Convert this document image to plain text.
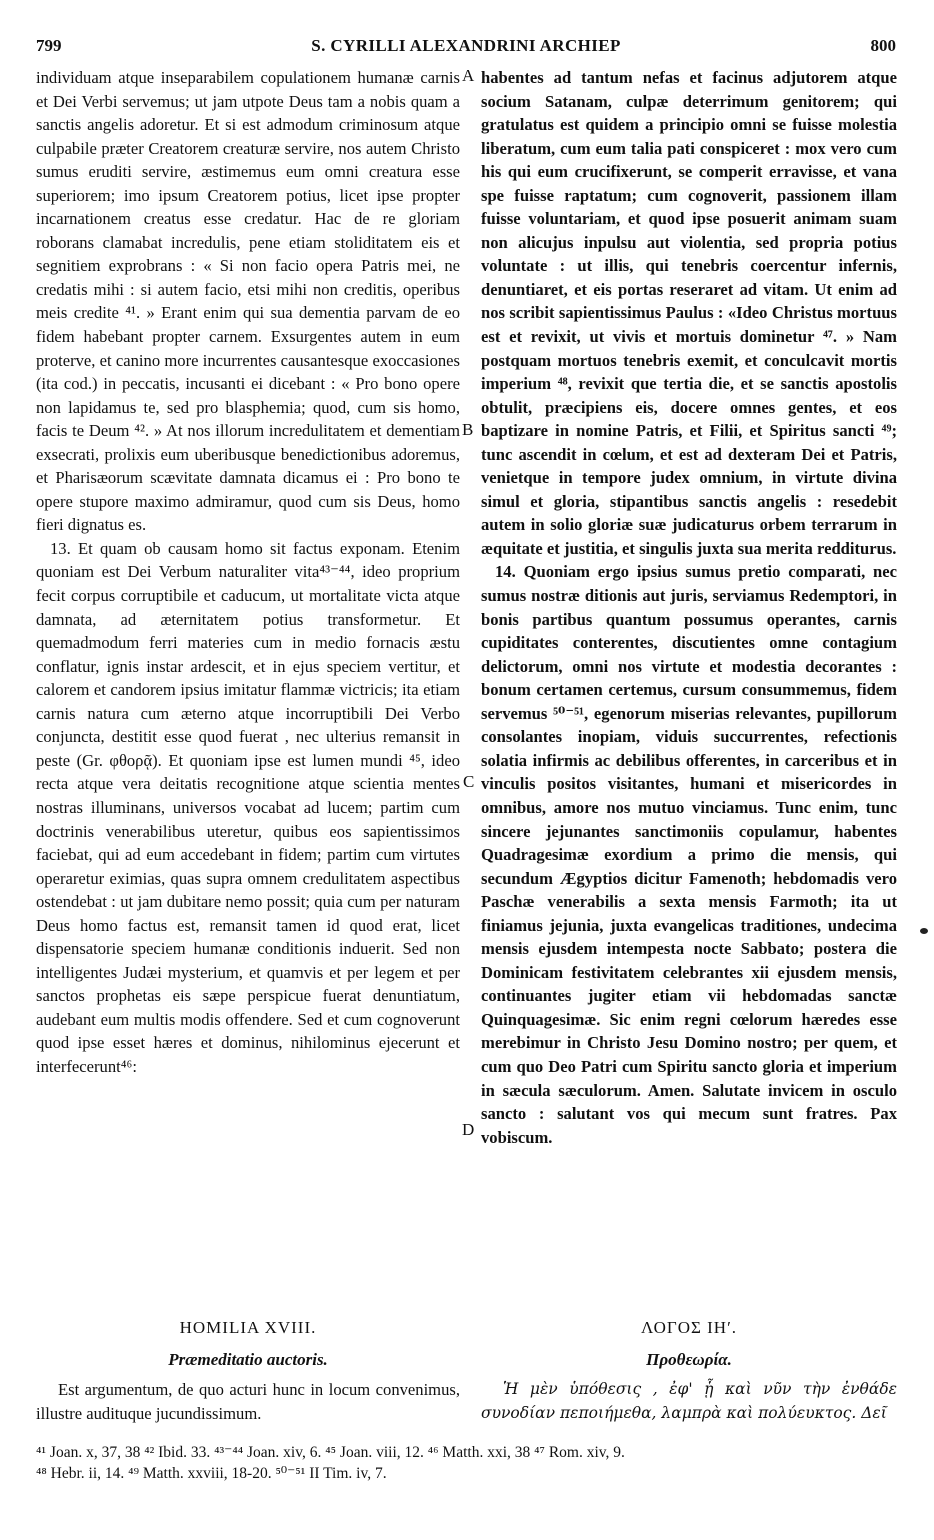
799	S. CYRILLI ALEXANDRINI ARCHIEP	800

individuam atque inseparabilem copulationem humanæ carnis et Dei Verbi servemus; ut jam utpote Deus tam a nobis quam a sanctis angelis adoretur. Et si est admodum criminosum atque culpabile præter Creatorem creaturæ servire, nos autem Christo sumus eruditi servire, æstimemus eum omni creatura esse superiorem; imo ipsum Creatorem potius, licet ipse propter incarnationem creatus esse credatur. Hac de re gloriam roborans clamabat incredulis, pene etiam stoliditatem eis et segnitiem exprobrans : « Si non facio opera Patris mei, ne credatis mihi : si autem facio, etsi mihi non creditis, operibus meis credite ⁴¹. » Erant enim qui sua dementia parvam de eo fidem habebant propter carnem. Exsurgentes autem in eum proterve, et canino more incurrentes causantesque exoccasiones (ita cod.) in peccatis, incusanti ei dicebant : « Pro bono opere non lapidamus te, sed pro blasphemia; quod, cum sis homo, facis te Deum ⁴². » At nos illorum incredulitatem et dementiam exsecrati, prolixis eum uberibusque benedictionibus adoremus, et Pharisæorum scævitate damnata dicamus ei : Pro bono te opere stupore maximo admiramur, quod cum sis Deus, homo fieri dignatus es.

13. Et quam ob causam homo sit factus exponam. Etenim quoniam est Dei Verbum naturaliter vita⁴³⁻⁴⁴, ideo proprium fecit corpus corruptibile et caducum, ut mortalitate victa atque damnata, ad æternitatem potius transformetur. Et quemadmodum ferri materies cum in medio fornacis æstu conflatur, ignis instar ardescit, et in ejus speciem vertitur, et calorem et candorem ipsius imitatur flammæ victricis; ita etiam carnis natura cum æterno atque incorruptibili Dei Verbo conjuncta, destitit esse quod fuerat , nec ulterius remansit in peste (Gr. φθορᾷ). Et quoniam ipse est lumen mundi ⁴⁵, ideo recta atque vera deitatis recognitione atque scientia mentes nostras illuminans, universos vocabat ad lucem; partim cum doctrinis venerabilibus uteretur, quibus eos sapientissimos faciebat, qui ad eum accedebant in fidem; partim cum virtutes operaretur eximias, quas supra omnem credulitatem aspectibus ostendebat : ut jam dubitare nemo possit; quia cum per naturam Deus homo factus est, remansit tamen id quod erat, licet dispensatorie speciem humanæ conditionis induerit. Sed non intelligentes Judæi mysterium, et quamvis et per legem et per sanctos prophetas eis sæpe perspicue fuerat denuntiatum, audebant eum multis modis offendere. Sed et cum cognoverunt quod ipse esset hæres et dominus, nihilominus ejecerunt et interfecerunt⁴⁶:

A
B
C
D

habentes ad tantum nefas et facinus adjutorem atque socium Satanam, culpæ deterrimum genitorem; qui gratulatus est quidem a principio omni se fuisse molestia liberatum, cum eum talia pati conspiceret : mox vero cum his qui eum crucifixerunt, se comperit erravisse, et vana spe fuisse raptatum; cum cognoverit, passionem illam fuisse voluntariam, et quod ipse posuerit animam suam non alicujus inpulsu aut violentia, sed propria potius voluntate : ut illis, qui tenebris coercentur infernis, denuntiaret, et eis portas reseraret ad vitam. Ut enim ad nos scribit sapientissimus Paulus : «Ideo Christus mortuus est et revixit, ut vivis et mortuis dominetur ⁴⁷. » Nam postquam mortuos tenebris exemit, et conculcavit mortis imperium ⁴⁸, revixit que tertia die, et se sanctis apostolis obtulit, præcipiens eis, docere omnes gentes, et eos baptizare in nomine Patris, et Filii, et Spiritus sancti ⁴⁹; tunc ascendit in cœlum, et est ad dexteram Dei et Patris, venietque in tempore judex omnium, in virtute divina simul et gloria, stipantibus sanctis angelis : resedebit autem in solio gloriæ suæ judicaturus orbem terrarum in æquitate et justitia, et singulis juxta sua merita redditurus.

14. Quoniam ergo ipsius sumus pretio comparati, nec sumus nostræ ditionis aut juris, serviamus Redemptori, in bonis partibus quantum possumus operantes, carnis cupiditates conterentes, discutientes omne contagium delictorum, omni nos virtute et modestia decorantes : bonum certamen certemus, cursum consummemus, fidem servemus ⁵⁰⁻⁵¹, egenorum miserias relevantes, pupillorum consolantes inopiam, viduis succurrentes, refectionis solatia infirmis ac debilibus offerentes, in carceribus et in vinculis positos visitantes, humani et misericordes in omnibus, amore nos mutuo vinciamus. Tunc enim, tunc sincere jejunantes sanctimoniis copulamur, habentes Quadragesimæ exordium a primo die mensis, qui secundum Ægyptios dicitur Famenoth; hebdomadis vero Paschæ venerabilis a sexta mensis Farmoth; ita ut finiamus jejunia, juxta evangelicas traditiones, undecima mensis ejusdem intempesta nocte Sabbato; postera die Dominicam festivitatem celebrantes xii ejusdem mensis, continuantes jugiter etiam vii hebdomadas sanctæ Quinquagesimæ. Sic enim regni cœlorum hæredes esse merebimur in Christo Jesu Domino nostro; per quem, et cum quo Deo Patri cum Spiritu sancto gloria et imperium in sæcula sæculorum. Amen. Salutate invicem in osculo sancto : salutant vos qui mecum sunt fratres. Pax vobiscum.

HOMILIA XVIII.
Præmeditatio auctoris.

Est argumentum, de quo acturi hunc in locum convenimus, illustre audituque jucundissimum.

ΛΟΓΟΣ ΙΗʹ.
Προθεωρία.

Ἡ μὲν ὑπόθεσις , ἐφ' ᾗ καὶ νῦν τὴν ἐνθάδε συνοδίαν πεποιήμεθα, λαμπρὰ καὶ πολύευκτος. Δεῖ

⁴¹ Joan. x, 37, 38 ⁴² Ibid. 33. ⁴³⁻⁴⁴ Joan. xiv, 6. ⁴⁵ Joan. viii, 12. ⁴⁶ Matth. xxi, 38 ⁴⁷ Rom. xiv, 9.
⁴⁸ Hebr. ii, 14. ⁴⁹ Matth. xxviii, 18-20. ⁵⁰⁻⁵¹ II Tim. iv, 7.
